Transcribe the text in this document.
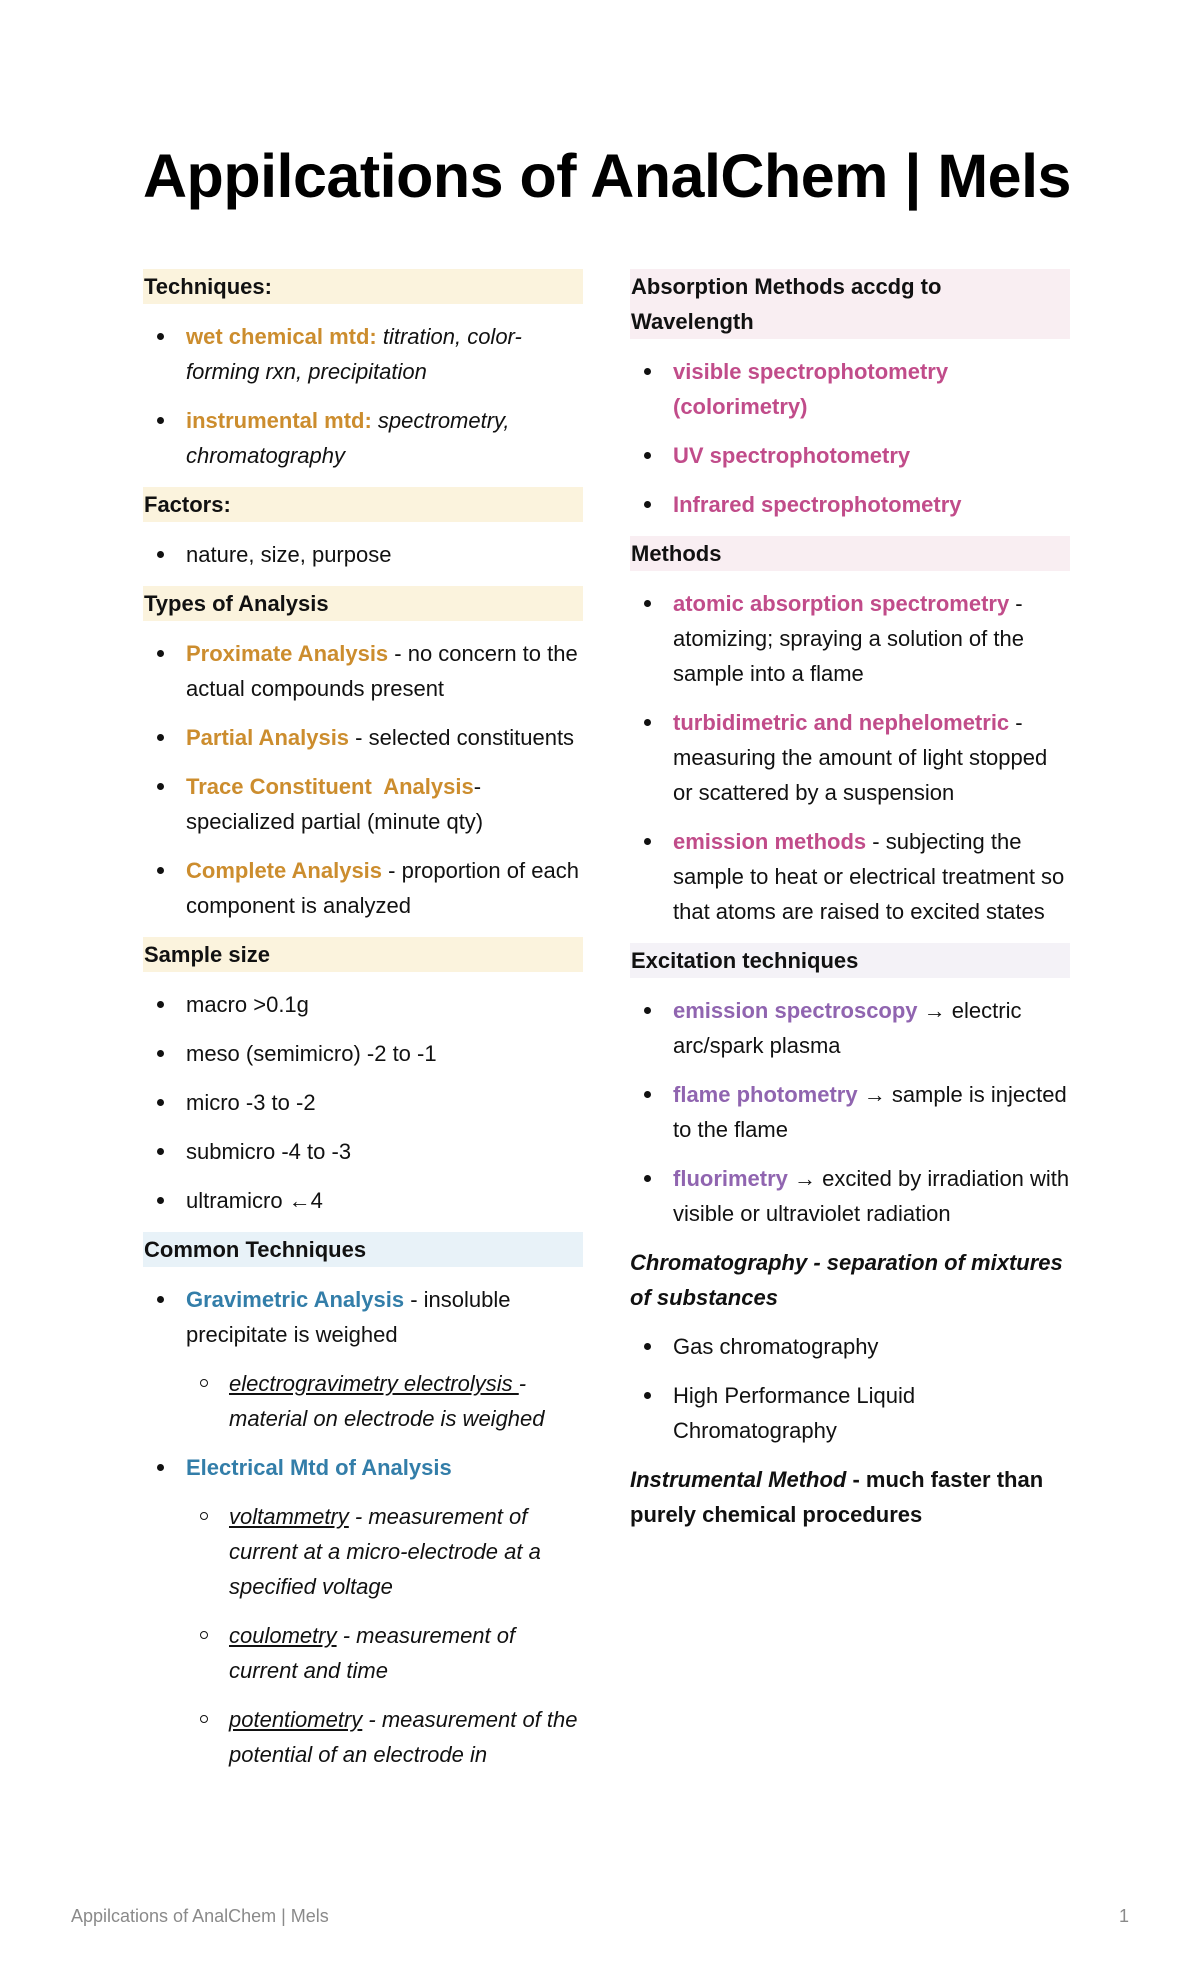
Appilcations of AnalChem | Mels
Techniques:
wet chemical mtd: titration, color-forming rxn, precipitation
instrumental mtd: spectrometry, chromatography
Factors:
nature, size, purpose
Types of Analysis
Proximate Analysis - no concern to the actual compounds present
Partial Analysis - selected constituents
Trace Constituent  Analysis- specialized partial (minute qty)
Complete Analysis - proportion of each component is analyzed
Sample size
macro >0.1g
meso (semimicro) -2 to -1
micro -3 to -2
submicro -4 to -3
ultramicro ←4
Common Techniques
Gravimetric Analysis - insoluble precipitate is weighed
electrogravimetry electrolysis - material on electrode is weighed
Electrical Mtd of Analysis
voltammetry - measurement of current at a micro-electrode at a specified voltage
coulometry - measurement of current and time
potentiometry - measurement of the potential of an electrode in
Absorption Methods accdg to Wavelength
visible spectrophotometry (colorimetry)
UV spectrophotometry
Infrared spectrophotometry
Methods
atomic absorption spectrometry - atomizing; spraying a solution of the sample into a flame
turbidimetric and nephelometric - measuring the amount of light stopped or scattered by a suspension
emission methods - subjecting the sample to heat or electrical treatment so that atoms are raised to excited states
Excitation techniques
emission spectroscopy → electric arc/spark plasma
flame photometry → sample is injected to the flame
fluorimetry → excited by irradiation with visible or ultraviolet radiation

Chromatography - separation of mixtures of substances

Gas chromatography
High Performance Liquid Chromatography

Instrumental Method - much faster than purely chemical procedures

Appilcations of AnalChem | Mels	1
